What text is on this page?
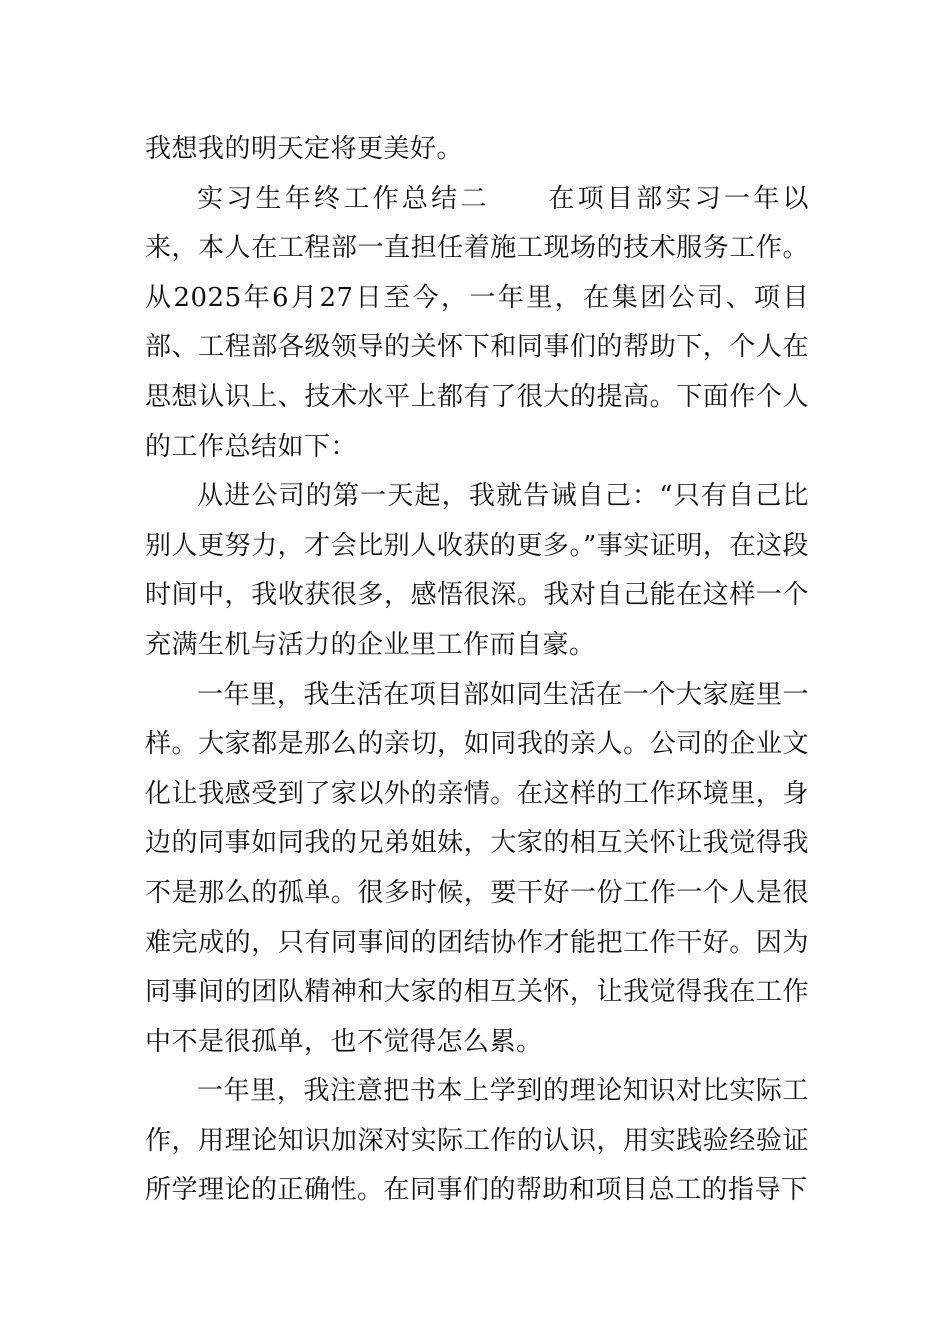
我想我的明天定将更美好。

实习生年终工作总结二 在项目部实习一年以来，本人在工程部一直担任着施工现场的技术服务工作。从2025年6月27日至今，一年里，在集团公司、项目部、工程部各级领导的关怀下和同事们的帮助下，个人在思想认识上、技术水平上都有了很大的提高。下面作个人的工作总结如下：

从进公司的第一天起，我就告诫自己：“只有自己比别人更努力，才会比别人收获的更多。”事实证明，在这段时间中，我收获很多，感悟很深。我对自己能在这样一个充满生机与活力的企业里工作而自豪。

一年里，我生活在项目部如同生活在一个大家庭里一样。大家都是那么的亲切，如同我的亲人。公司的企业文化让我感受到了家以外的亲情。在这样的工作环境里，身边的同事如同我的兄弟姐妹，大家的相互关怀让我觉得我不是那么的孤单。很多时候，要干好一份工作一个人是很难完成的，只有同事间的团结协作才能把工作干好。因为同事间的团队精神和大家的相互关怀，让我觉得我在工作中不是很孤单，也不觉得怎么累。

一年里，我注意把书本上学到的理论知识对比实际工作，用理论知识加深对实际工作的认识，用实践验经验证所学理论的正确性。在同事们的帮助和项目总工的指导下
